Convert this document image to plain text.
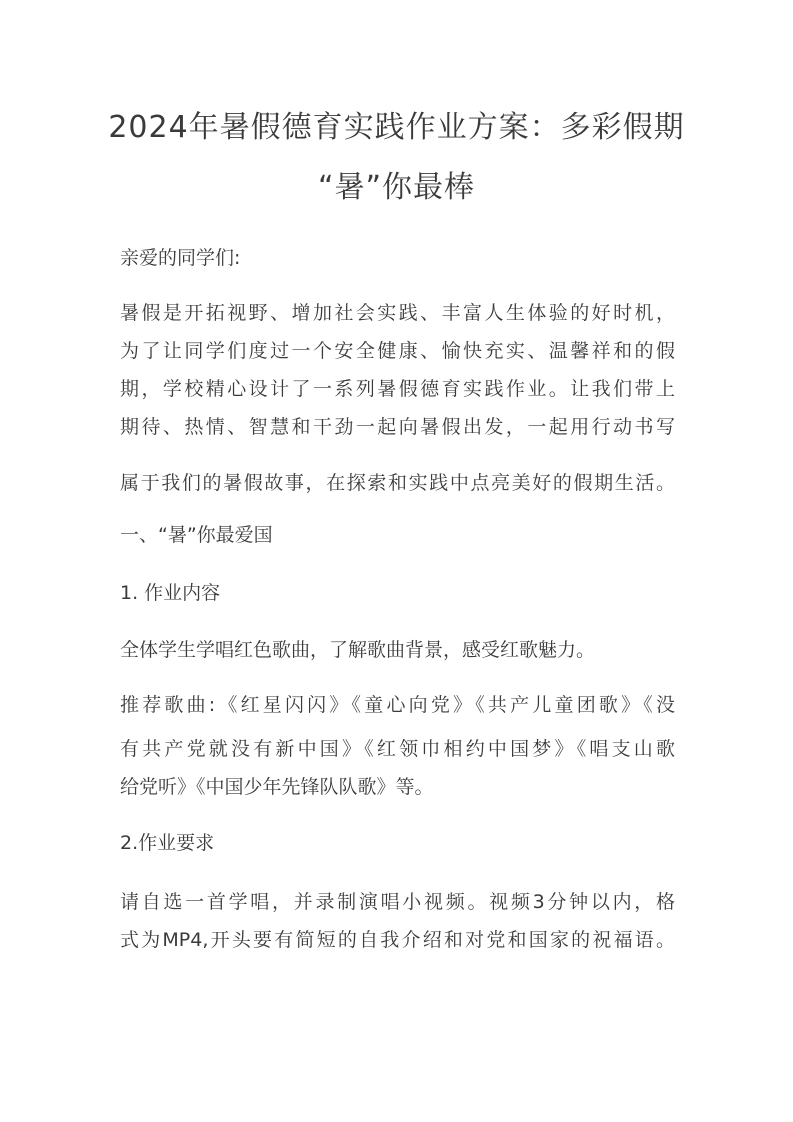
2024年暑假德育实践作业方案：多彩假期
“暑”你最棒
亲爱的同学们:
暑假是开拓视野、增加社会实践、丰富人生体验的好时机，
为了让同学们度过一个安全健康、愉快充实、温馨祥和的假
期，学校精心设计了一系列暑假德育实践作业。让我们带上
期待、热情、智慧和干劲一起向暑假出发，一起用行动书写
属于我们的暑假故事，在探索和实践中点亮美好的假期生活。
一、“暑”你最爱国
1. 作业内容
全体学生学唱红色歌曲，了解歌曲背景，感受红歌魅力。
推荐歌曲:《红星闪闪》《童心向党》《共产儿童团歌》《没
有共产党就没有新中国》《红领巾相约中国梦》《唱支山歌
给党听》《中国少年先锋队队歌》等。
2.作业要求
请自选一首学唱，并录制演唱小视频。视频3分钟以内，格
式为MP4,开头要有简短的自我介绍和对党和国家的祝福语。
